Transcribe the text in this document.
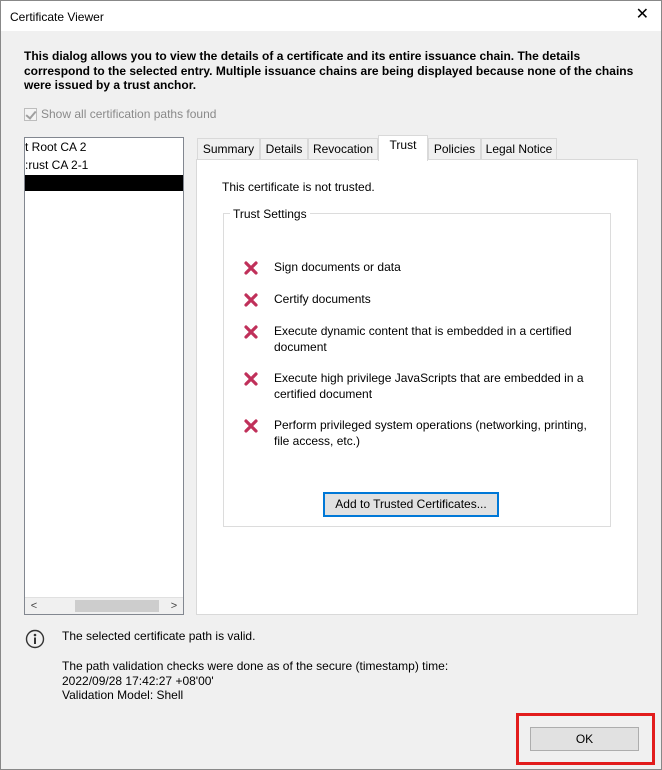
Certificate Viewer	✕
This dialog allows you to view the details of a certificate and its entire issuance chain. The details correspond to the selected entry. Multiple issuance chains are being displayed because none of the chains were issued by a trust anchor.
Show all certification paths found
t Root CA 2
:rust CA 2-1
<	>
Summary Details Revocation	Trust	Policies Legal Notice
This certificate is not trusted.
Trust Settings
Sign documents or data
Certify documents
Execute dynamic content that is embedded in a certified document
Execute high privilege JavaScripts that are embedded in a certified document
Perform privileged system operations (networking, printing, file access, etc.)
Add to Trusted Certificates...
The selected certificate path is valid.
The path validation checks were done as of the secure (timestamp) time:
2022/09/28 17:42:27 +08'00'
Validation Model: Shell
OK
